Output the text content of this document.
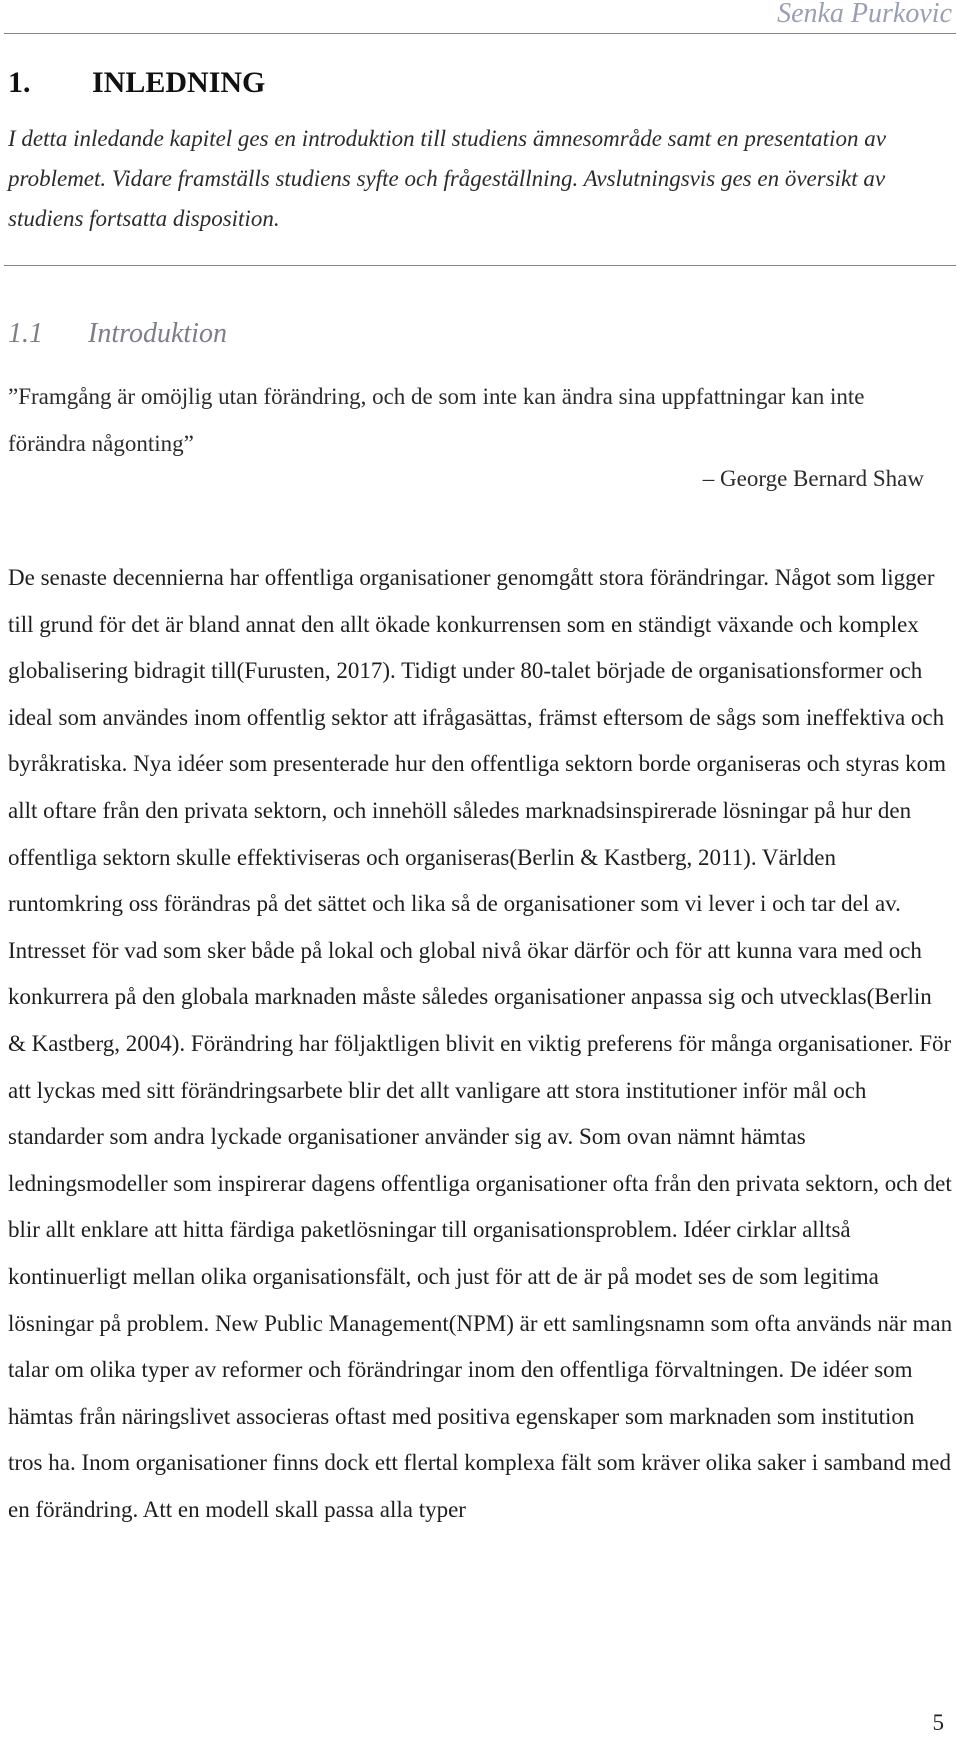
Senka Purkovic
1. INLEDNING
I detta inledande kapitel ges en introduktion till studiens ämnesområde samt en presentation av problemet. Vidare framställs studiens syfte och frågeställning. Avslutningsvis ges en översikt av studiens fortsatta disposition.
1.1 Introduktion
”Framgång är omöjlig utan förändring, och de som inte kan ändra sina uppfattningar kan inte förändra någonting”
– George Bernard Shaw
De senaste decennierna har offentliga organisationer genomgått stora förändringar. Något som ligger till grund för det är bland annat den allt ökade konkurrensen som en ständigt växande och komplex globalisering bidragit till(Furusten, 2017). Tidigt under 80-talet började de organisationsformer och ideal som användes inom offentlig sektor att ifrågasättas, främst eftersom de sågs som ineffektiva och byråkratiska. Nya idéer som presenterade hur den offentliga sektorn borde organiseras och styras kom allt oftare från den privata sektorn, och innehöll således marknadsinspirerade lösningar på hur den offentliga sektorn skulle effektiviseras och organiseras(Berlin & Kastberg, 2011). Världen runtomkring oss förändras på det sättet och lika så de organisationer som vi lever i och tar del av. Intresset för vad som sker både på lokal och global nivå ökar därför och för att kunna vara med och konkurrera på den globala marknaden måste således organisationer anpassa sig och utvecklas(Berlin & Kastberg, 2004). Förändring har följaktligen blivit en viktig preferens för många organisationer. För att lyckas med sitt förändringsarbete blir det allt vanligare att stora institutioner inför mål och standarder som andra lyckade organisationer använder sig av. Som ovan nämnt hämtas ledningsmodeller som inspirerar dagens offentliga organisationer ofta från den privata sektorn, och det blir allt enklare att hitta färdiga paketlösningar till organisationsproblem. Idéer cirklar alltså kontinuerligt mellan olika organisationsfält, och just för att de är på modet ses de som legitima lösningar på problem. New Public Management(NPM) är ett samlingsnamn som ofta används när man talar om olika typer av reformer och förändringar inom den offentliga förvaltningen. De idéer som hämtas från näringslivet associeras oftast med positiva egenskaper som marknaden som institution tros ha. Inom organisationer finns dock ett flertal komplexa fält som kräver olika saker i samband med en förändring. Att en modell skall passa alla typer
5
